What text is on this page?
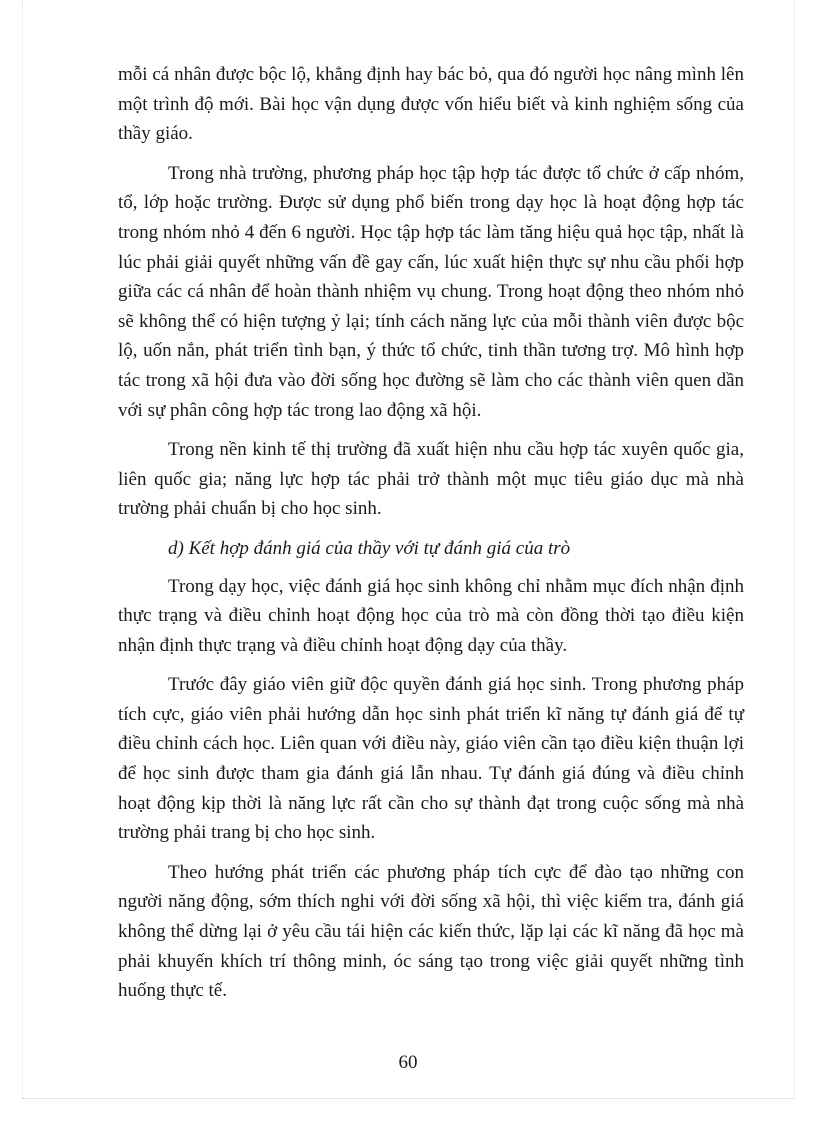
mỗi cá nhân được bộc lộ, khẳng định hay bác bỏ, qua đó người học nâng mình lên một trình độ mới. Bài học vận dụng được vốn hiểu biết và kinh nghiệm sống của thầy giáo.

Trong nhà trường, phương pháp học tập hợp tác được tổ chức ở cấp nhóm, tổ, lớp hoặc trường. Được sử dụng phổ biến trong dạy học là hoạt động hợp tác trong nhóm nhỏ 4 đến 6 người. Học tập hợp tác làm tăng hiệu quả học tập, nhất là lúc phải giải quyết những vấn đề gay cấn, lúc xuất hiện thực sự nhu cầu phối hợp giữa các cá nhân để hoàn thành nhiệm vụ chung. Trong hoạt động theo nhóm nhỏ sẽ không thể có hiện tượng ỷ lại; tính cách năng lực của mỗi thành viên được bộc lộ, uốn nắn, phát triển tình bạn, ý thức tổ chức, tinh thần tương trợ. Mô hình hợp tác trong xã hội đưa vào đời sống học đường sẽ làm cho các thành viên quen dần với sự phân công hợp tác trong lao động xã hội.

Trong nền kinh tế thị trường đã xuất hiện nhu cầu hợp tác xuyên quốc gia, liên quốc gia; năng lực hợp tác phải trở thành một mục tiêu giáo dục mà nhà trường phải chuẩn bị cho học sinh.

d) Kết hợp đánh giá của thầy với tự đánh giá của trò

Trong dạy học, việc đánh giá học sinh không chỉ nhằm mục đích nhận định thực trạng và điều chỉnh hoạt động học của trò mà còn đồng thời tạo điều kiện nhận định thực trạng và điều chỉnh hoạt động dạy của thầy.

Trước đây giáo viên giữ độc quyền đánh giá học sinh. Trong phương pháp tích cực, giáo viên phải hướng dẫn học sinh phát triển kĩ năng tự đánh giá để tự điều chỉnh cách học. Liên quan với điều này, giáo viên cần tạo điều kiện thuận lợi để học sinh được tham gia đánh giá lẫn nhau. Tự đánh giá đúng và điều chỉnh hoạt động kịp thời là năng lực rất cần cho sự thành đạt trong cuộc sống mà nhà trường phải trang bị cho học sinh.

Theo hướng phát triển các phương pháp tích cực để đào tạo những con người năng động, sớm thích nghi với đời sống xã hội, thì việc kiểm tra, đánh giá không thể dừng lại ở yêu cầu tái hiện các kiến thức, lặp lại các kĩ năng đã học mà phải khuyến khích trí thông minh, óc sáng tạo trong việc giải quyết những tình huống thực tế.

60
